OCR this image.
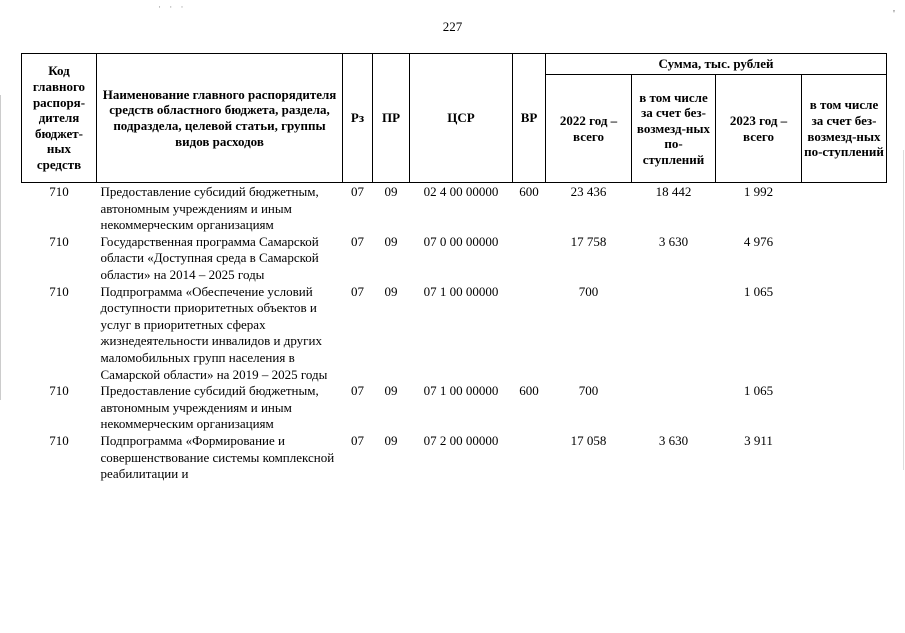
· · ·
'
227
Код главного распоря-дителя бюджет-ных средств	Наименование главного распорядителя средств областного бюджета, раздела, подраздела, целевой статьи, группы видов расходов	Рз	ПР	ЦСР	ВР	Сумма, тыс. рублей			
						2022 год – всего	в том числе за счет без-возмезд-ных по-ступлений	2023 год – всего	в том числе за счет без-возмезд-ных по-ступлений
710	Предоставление субсидий бюджетным, автономным учреждениям и иным некоммерческим организациям	07	09	02 4 00 00000	600	23 436	18 442	1 992	
710	Государственная программа Самарской области «Доступная среда в Самарской области» на 2014 – 2025 годы	07	09	07 0 00 00000		17 758	3 630	4 976	
710	Подпрограмма «Обеспечение условий доступности приоритетных объектов и услуг в приоритетных сферах жизнедеятельности инвалидов и других маломобильных групп населения в Самарской области» на 2019 – 2025 годы	07	09	07 1 00 00000		700		1 065	
710	Предоставление субсидий бюджетным, автономным учреждениям и иным некоммерческим организациям	07	09	07 1 00 00000	600	700		1 065	
710	Подпрограмма «Формирование и совершенствование системы комплексной реабилитации и	07	09	07 2 00 00000		17 058	3 630	3 911	
